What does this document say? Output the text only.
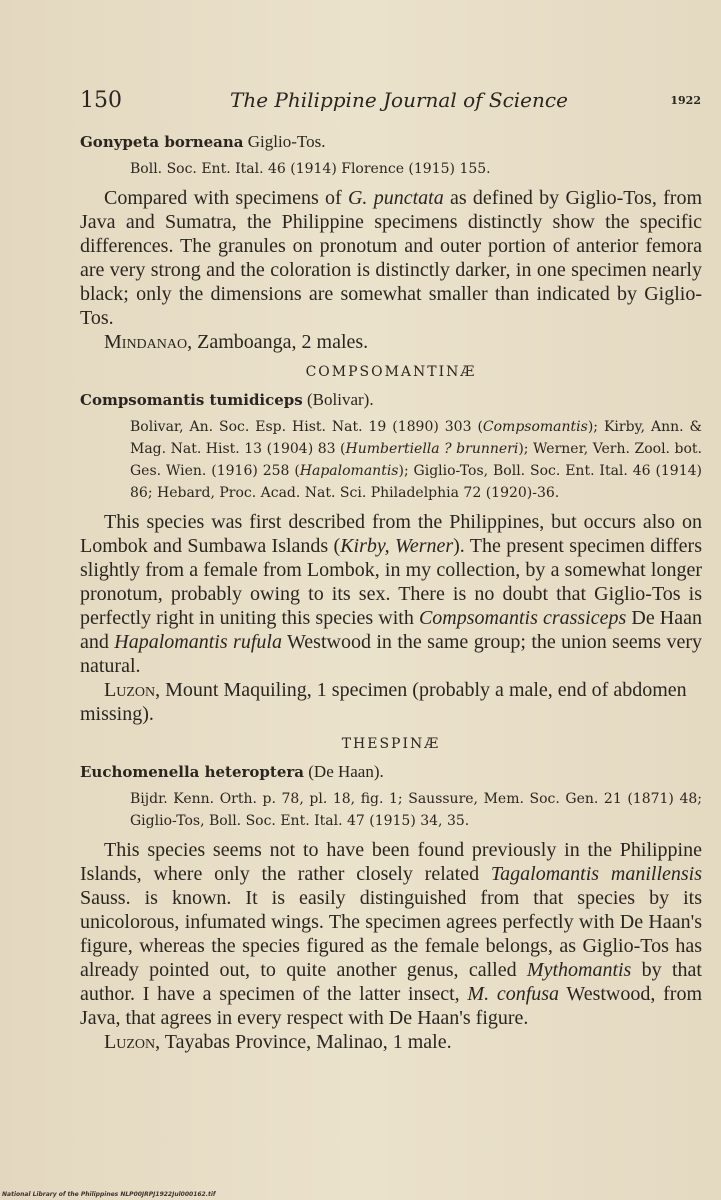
150	The Philippine Journal of Science	1922

Gonypeta borneana Giglio-Tos.

Boll. Soc. Ent. Ital. 46 (1914) Florence (1915) 155.

Compared with specimens of G. punctata as defined by Giglio-Tos, from Java and Sumatra, the Philippine specimens distinctly show the specific differences. The granules on pronotum and outer portion of anterior femora are very strong and the coloration is distinctly darker, in one specimen nearly black; only the dimensions are somewhat smaller than indicated by Giglio-Tos.

Mindanao, Zamboanga, 2 males.

COMPSOMANTINÆ

Compsomantis tumidiceps (Bolivar).

Bolivar, An. Soc. Esp. Hist. Nat. 19 (1890) 303 (Compsomantis); Kirby, Ann. & Mag. Nat. Hist. 13 (1904) 83 (Humbertiella ? brunneri); Werner, Verh. Zool. bot. Ges. Wien. (1916) 258 (Hapalomantis); Giglio-Tos, Boll. Soc. Ent. Ital. 46 (1914) 86; Hebard, Proc. Acad. Nat. Sci. Philadelphia 72 (1920)-36.

This species was first described from the Philippines, but occurs also on Lombok and Sumbawa Islands (Kirby, Werner). The present specimen differs slightly from a female from Lombok, in my collection, by a somewhat longer pronotum, probably owing to its sex. There is no doubt that Giglio-Tos is perfectly right in uniting this species with Compsomantis crassiceps De Haan and Hapalomantis rufula Westwood in the same group; the union seems very natural.

Luzon, Mount Maquiling, 1 specimen (probably a male, end of abdomen missing).

THESPINÆ

Euchomenella heteroptera (De Haan).

Bijdr. Kenn. Orth. p. 78, pl. 18, fig. 1; Saussure, Mem. Soc. Gen. 21 (1871) 48; Giglio-Tos, Boll. Soc. Ent. Ital. 47 (1915) 34, 35.

This species seems not to have been found previously in the Philippine Islands, where only the rather closely related Tagalomantis manillensis Sauss. is known. It is easily distinguished from that species by its unicolorous, infumated wings. The specimen agrees perfectly with De Haan's figure, whereas the species figured as the female belongs, as Giglio-Tos has already pointed out, to quite another genus, called Mythomantis by that author. I have a specimen of the latter insect, M. confusa Westwood, from Java, that agrees in every respect with De Haan's figure.

Luzon, Tayabas Province, Malinao, 1 male.

National Library of the Philippines NLP00JRPJ1922Jul000162.tif
